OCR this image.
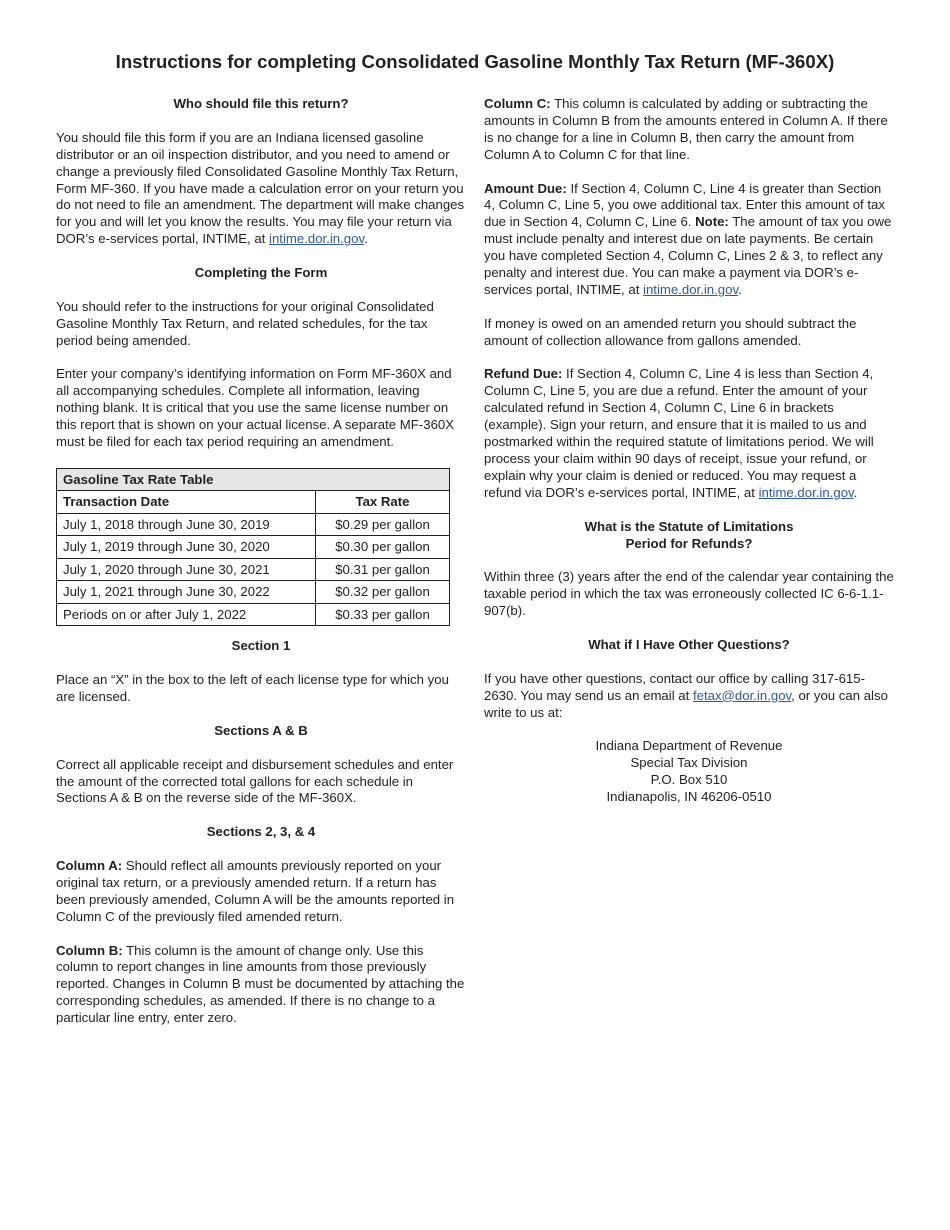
Instructions for completing Consolidated Gasoline Monthly Tax Return (MF-360X)
Who should file this return?

You should file this form if you are an Indiana licensed gasoline distributor or an oil inspection distributor, and you need to amend or change a previously filed Consolidated Gasoline Monthly Tax Return, Form MF-360. If you have made a calculation error on your return you do not need to file an amendment. The department will make changes for you and will let you know the results. You may file your return via DOR’s e-services portal, INTIME, at intime.dor.in.gov.

Completing the Form

You should refer to the instructions for your original Consolidated Gasoline Monthly Tax Return, and related schedules, for the tax period being amended.

Enter your company’s identifying information on Form MF-360X and all accompanying schedules. Complete all information, leaving nothing blank. It is critical that you use the same license number on this report that is shown on your actual license. A separate MF-360X must be filed for each tax period requiring an amendment.

Gasoline Tax Rate Table	
Transaction Date	Tax Rate
July 1, 2018 through June 30, 2019	$0.29 per gallon
July 1, 2019 through June 30, 2020	$0.30 per gallon
July 1, 2020 through June 30, 2021	$0.31 per gallon
July 1, 2021 through June 30, 2022	$0.32 per gallon
Periods on or after July 1, 2022	$0.33 per gallon
Section 1

Place an “X” in the box to the left of each license type for which you are licensed.

Sections A & B

Correct all applicable receipt and disbursement schedules and enter the amount of the corrected total gallons for each schedule in Sections A & B on the reverse side of the MF-360X.

Sections 2, 3, & 4

Column A: Should reflect all amounts previously reported on your original tax return, or a previously amended return. If a return has been previously amended, Column A will be the amounts reported in Column C of the previously filed amended return.

Column B: This column is the amount of change only. Use this column to report changes in line amounts from those previously reported. Changes in Column B must be documented by attaching the corresponding schedules, as amended. If there is no change to a particular line entry, enter zero.

Column C: This column is calculated by adding or subtracting the amounts in Column B from the amounts entered in Column A. If there is no change for a line in Column B, then carry the amount from Column A to Column C for that line.

Amount Due: If Section 4, Column C, Line 4 is greater than Section 4, Column C, Line 5, you owe additional tax. Enter this amount of tax due in Section 4, Column C, Line 6. Note: The amount of tax you owe must include penalty and interest due on late payments. Be certain you have completed Section 4, Column C, Lines 2 & 3, to reflect any penalty and interest due. You can make a payment via DOR’s e-services portal, INTIME, at intime.dor.in.gov.

If money is owed on an amended return you should subtract the amount of collection allowance from gallons amended.

Refund Due: If Section 4, Column C, Line 4 is less than Section 4, Column C, Line 5, you are due a refund. Enter the amount of your calculated refund in Section 4, Column C, Line 6 in brackets (example). Sign your return, and ensure that it is mailed to us and postmarked within the required statute of limitations period. We will process your claim within 90 days of receipt, issue your refund, or explain why your claim is denied or reduced. You may request a refund via DOR’s e-services portal, INTIME, at intime.dor.in.gov.

What is the Statute of Limitations
Period for Refunds?

Within three (3) years after the end of the calendar year containing the taxable period in which the tax was erroneously collected IC 6-6-1.1-907(b).

What if I Have Other Questions?

If you have other questions, contact our office by calling 317-615-2630. You may send us an email at fetax@dor.in.gov, or you can also write to us at:

Indiana Department of Revenue
Special Tax Division
P.O. Box 510
Indianapolis, IN 46206-0510
